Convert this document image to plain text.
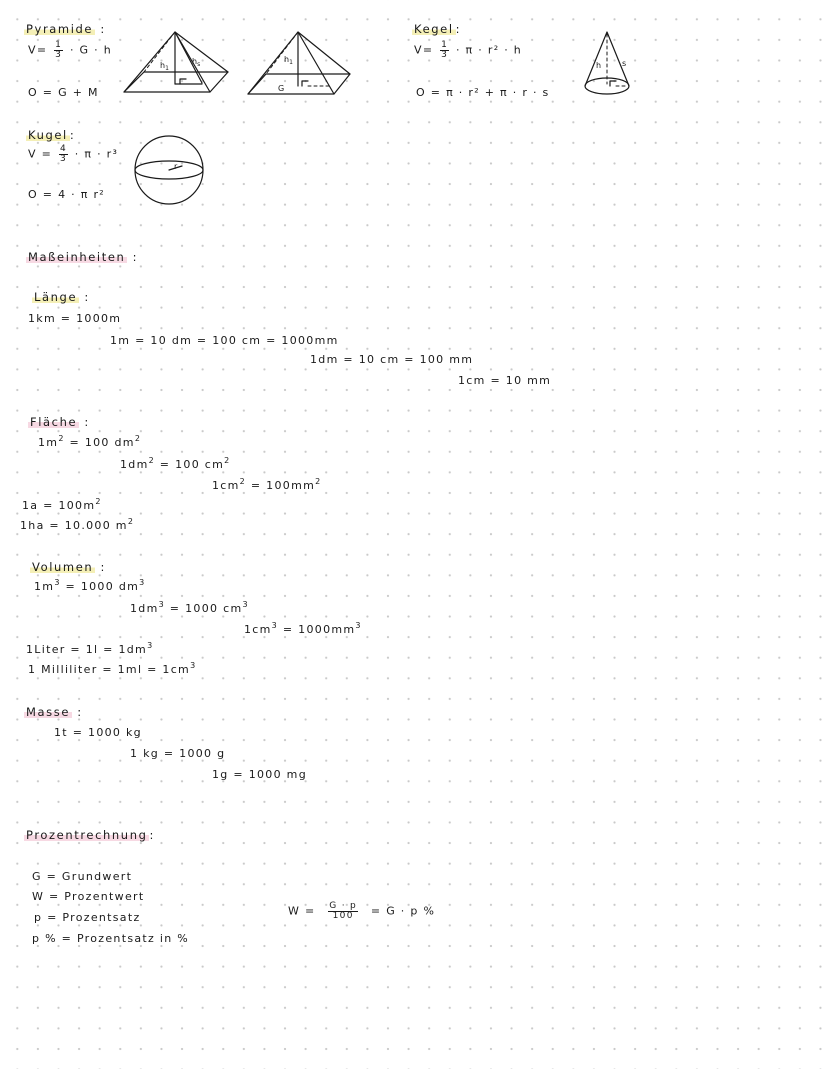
Pyramide :
$V= \frac{1}{3} \cdot G \cdot h$
O = G + M
$h_1$
$h_s$
$h_1$
G
Kegel :
$V= \frac{1}{3} \cdot \pi \cdot r^2 \cdot h$
O = π · r² + π · r · s
h	s
Kugel :
$V = \frac{4}{3} \cdot \pi \cdot r^3$
O = 4 · π r²
r
Maßeinheiten :
Länge :
1km = 1000m
1m = 10 dm = 100 cm = 1000mm
1dm = 10 cm = 100 mm
1cm = 10 mm
Fläche :
$1m^2 = 100$ $dm^2$
$1dm^2 = 100$ $cm^2$
$1cm^2 = 100mm^2$
$1a = 100m^2$
1ha = 10.000 $m^2$
Volumen :
$1m^3 = 1000$ $dm^3$
$1dm^3 = 1000$ $cm^3$
$1cm^3 = 1000mm^3$
1Liter = $1l = 1dm^3$
1 Milliliter = $1ml = 1cm^3$
Masse :
1t = 1000 kg
1 kg = 1000 g
1g = 1000 mg
Prozentrechnung :
G = Grundwert
W = Prozentwert
p = Prozentsatz
p % = Prozentsatz in %
$W = \frac{G \cdot p}{100} = G \cdot p$ %
